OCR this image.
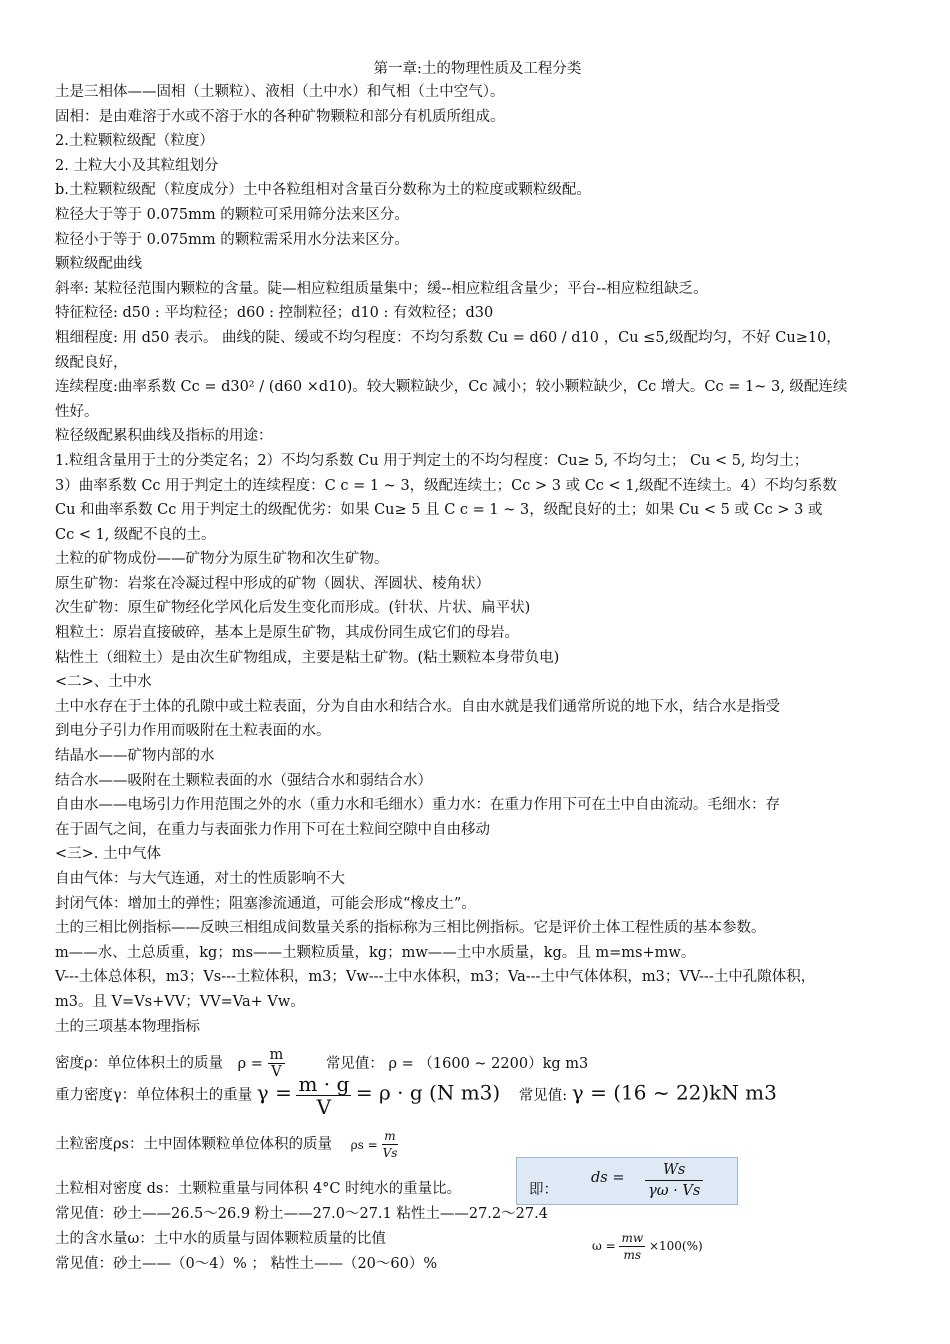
第一章:土的物理性质及工程分类
土是三相体——固相（土颗粒）、液相（土中水）和气相（土中空气）。
固相：是由难溶于水或不溶于水的各种矿物颗粒和部分有机质所组成。
2.土粒颗粒级配（粒度）
2. 土粒大小及其粒组划分
b.土粒颗粒级配（粒度成分）土中各粒组相对含量百分数称为土的粒度或颗粒级配。
粒径大于等于 0.075mm 的颗粒可采用筛分法来区分。
粒径小于等于 0.075mm 的颗粒需采用水分法来区分。
颗粒级配曲线
斜率: 某粒径范围内颗粒的含量。陡—相应粒组质量集中；缓--相应粒组含量少；平台--相应粒组缺乏。
特征粒径: d50 : 平均粒径；d60 : 控制粒径；d10 : 有效粒径；d30
粗细程度: 用 d50 表示。 曲线的陡、缓或不均匀程度：不均匀系数 Cu = d60 / d10 ，Cu ≤5,级配均匀，不好 Cu≥10，
级配良好，
连续程度:曲率系数 Cc = d30² / (d60 ×d10)。较大颗粒缺少，Cc 减小；较小颗粒缺少，Cc 增大。Cc = 1~ 3, 级配连续
性好。
粒径级配累积曲线及指标的用途：
1.粒组含量用于土的分类定名；2）不均匀系数 Cu 用于判定土的不均匀程度：Cu≥ 5, 不均匀土； Cu < 5, 均匀土；
3）曲率系数 Cc 用于判定土的连续程度：C c = 1 ~ 3，级配连续土；Cc > 3 或 Cc < 1,级配不连续土。4）不均匀系数
Cu 和曲率系数 Cc 用于判定土的级配优劣：如果 Cu≥ 5 且 C c = 1 ~ 3，级配良好的土；如果 Cu < 5 或 Cc > 3 或
Cc < 1, 级配不良的土。
土粒的矿物成份——矿物分为原生矿物和次生矿物。
原生矿物：岩浆在冷凝过程中形成的矿物（圆状、浑圆状、棱角状）
次生矿物：原生矿物经化学风化后发生变化而形成。(针状、片状、扁平状)
粗粒土：原岩直接破碎，基本上是原生矿物，其成份同生成它们的母岩。
粘性土（细粒土）是由次生矿物组成，主要是粘土矿物。(粘土颗粒本身带负电)
<二>、土中水
土中水存在于土体的孔隙中或土粒表面，分为自由水和结合水。自由水就是我们通常所说的地下水，结合水是指受
到电分子引力作用而吸附在土粒表面的水。
结晶水——矿物内部的水
结合水——吸附在土颗粒表面的水（强结合水和弱结合水）
自由水——电场引力作用范围之外的水（重力水和毛细水）重力水：在重力作用下可在土中自由流动。毛细水：存
在于固气之间，在重力与表面张力作用下可在土粒间空隙中自由移动
<三>. 土中气体
自由气体：与大气连通，对土的性质影响不大
封闭气体：增加土的弹性；阻塞渗流通道，可能会形成“橡皮土”。
土的三相比例指标——反映三相组成间数量关系的指标称为三相比例指标。它是评价土体工程性质的基本参数。
m——水、土总质重，kg；ms——土颗粒质量，kg；mw——土中水质量，kg。且 m=ms+mw。
V---土体总体积，m3；Vs---土粒体积，m3；Vw---土中水体积，m3；Va---土中气体体积，m3；VV---土中孔隙体积，
m3。且 V=Vs+VV；VV=Va+ Vw。
土的三项基本物理指标
密度ρ：单位体积土的质量 $\rho = \frac{m}{V}$	常见值： ρ = （1600 ~ 2200）kg m3
重力密度γ：单位体积土的重量 $\gamma = \frac{m \cdot g}{V} = \rho \cdot g$ (N m3) 常见值: γ = (16 ~ 22)kN m3
土粒密度ρs：土中固体颗粒单位体积的质量 $\rho s = \frac{m}{Vs}$
土粒相对密度 ds：土颗粒重量与同体积 4°C 时纯水的重量比。	即：
ds = $\frac{Ws}{\gamma\omega \cdot Vs}$
常见值：砂土——26.5～26.9 粉土——27.0～27.1 粘性土——27.2～27.4
土的含水量ω：土中水的质量与固体颗粒质量的比值	$\omega = \frac{mw}{ms} \times 100(\%)$
常见值：砂土——（0～4）% ； 粘性土——（20～60）%
